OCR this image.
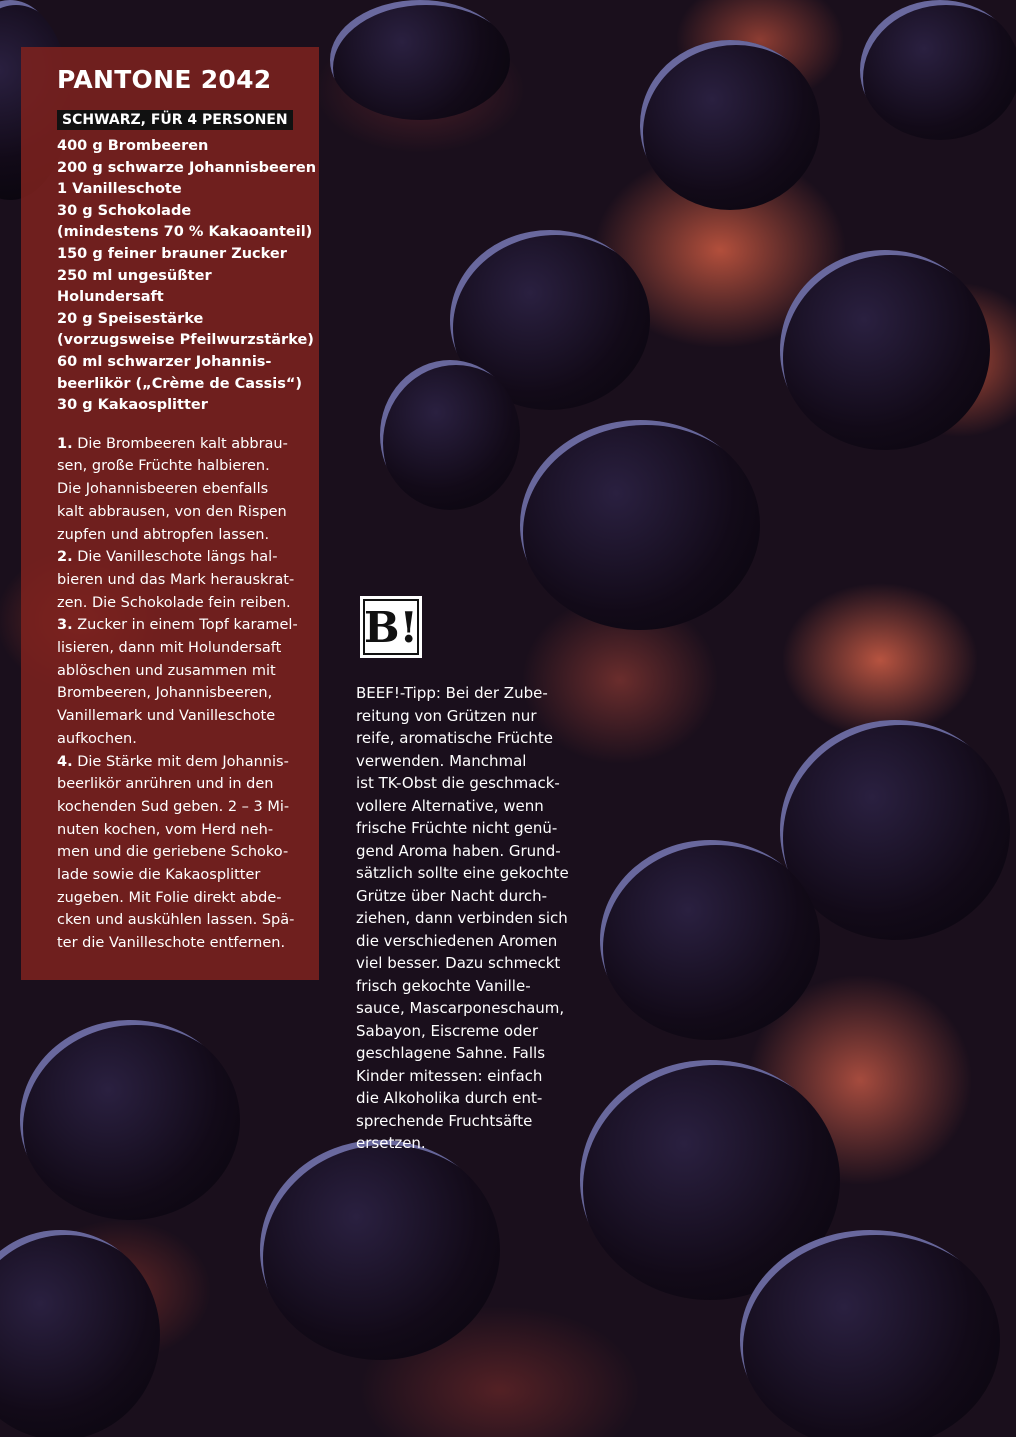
PANTONE 2042
SCHWARZ, FÜR 4 PERSONEN
400 g Brombeeren
200 g schwarze Johannisbeeren
1 Vanilleschote
30 g Schokolade
(mindestens 70 % Kakaoanteil)
150 g feiner brauner Zucker
250 ml ungesüßter
Holundersaft
20 g Speisestärke
(vorzugsweise Pfeilwurzstärke)
60 ml schwarzer Johannis-
beerlikör („Crème de Cassis“)
30 g Kakaosplitter
1. Die Brombeeren kalt abbrau-
sen, große Früchte halbieren.
Die Johannisbeeren ebenfalls
kalt abbrausen, von den Rispen
zupfen und abtropfen lassen.
2. Die Vanilleschote längs hal-
bieren und das Mark herauskrat-
zen. Die Schokolade fein reiben.
3. Zucker in einem Topf karamel-
lisieren, dann mit Holundersaft
ablöschen und zusammen mit
Brombeeren, Johannisbeeren,
Vanillemark und Vanilleschote
aufkochen.
4. Die Stärke mit dem Johannis-
beerlikör anrühren und in den
kochenden Sud geben. 2 – 3 Mi-
nuten kochen, vom Herd neh-
men und die geriebene Schoko-
lade sowie die Kakaosplitter
zugeben. Mit Folie direkt abde-
cken und auskühlen lassen. Spä-
ter die Vanilleschote entfernen.
B!
BEEF!-Tipp: Bei der Zube-
reitung von Grützen nur
reife, aromatische Früchte
verwenden. Manchmal
ist TK-Obst die geschmack-
vollere Alternative, wenn
frische Früchte nicht genü-
gend Aroma haben. Grund-
sätzlich sollte eine gekochte
Grütze über Nacht durch-
ziehen, dann verbinden sich
die verschiedenen Aromen
viel besser. Dazu schmeckt
frisch gekochte Vanille-
sauce, Mascarponeschaum,
Sabayon, Eiscreme oder
geschlagene Sahne. Falls
Kinder mitessen: einfach
die Alkoholika durch ent-
sprechende Fruchtsäfte
ersetzen.
